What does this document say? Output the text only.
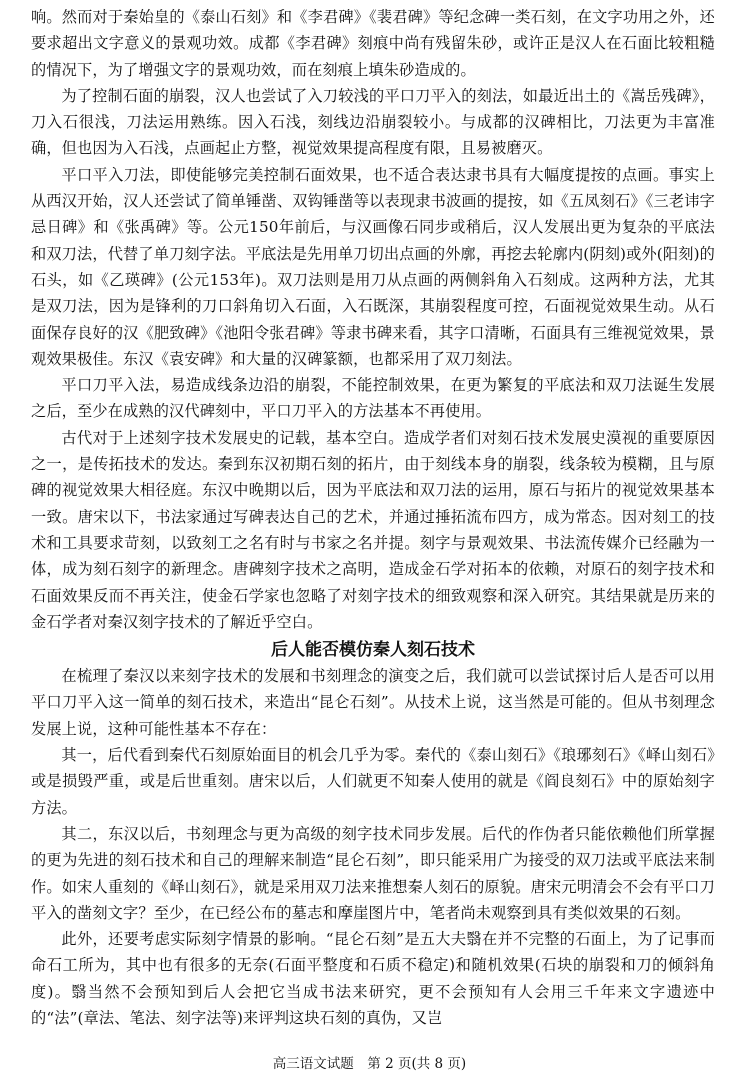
响。然而对于秦始皇的《泰山石刻》和《李君碑》《裴君碑》等纪念碑一类石刻，在文字功用之外，还要求超出文字意义的景观功效。成都《李君碑》刻痕中尚有残留朱砂，或许正是汉人在石面比较粗糙的情况下，为了增强文字的景观功效，而在刻痕上填朱砂造成的。

为了控制石面的崩裂，汉人也尝试了入刀较浅的平口刀平入的刻法，如最近出土的《嵩岳残碑》，刀入石很浅，刀法运用熟练。因入石浅，刻线边沿崩裂较小。与成都的汉碑相比，刀法更为丰富准确，但也因为入石浅，点画起止方整，视觉效果提高程度有限，且易被磨灭。

平口平入刀法，即使能够完美控制石面效果，也不适合表达隶书具有大幅度提按的点画。事实上从西汉开始，汉人还尝试了简单锤凿、双钩锤凿等以表现隶书波画的提按，如《五凤刻石》《三老讳字忌日碑》和《张禹碑》等。公元150年前后，与汉画像石同步或稍后，汉人发展出更为复杂的平底法和双刀法，代替了单刀刻字法。平底法是先用单刀切出点画的外廓，再挖去轮廓内(阴刻)或外(阳刻)的石头，如《乙瑛碑》(公元153年)。双刀法则是用刀从点画的两侧斜角入石刻成。这两种方法，尤其是双刀法，因为是锋利的刀口斜角切入石面，入石既深，其崩裂程度可控，石面视觉效果生动。从石面保存良好的汉《肥致碑》《池阳令张君碑》等隶书碑来看，其字口清晰，石面具有三维视觉效果，景观效果极佳。东汉《袁安碑》和大量的汉碑篆额，也都采用了双刀刻法。

平口刀平入法，易造成线条边沿的崩裂，不能控制效果，在更为繁复的平底法和双刀法诞生发展之后，至少在成熟的汉代碑刻中，平口刀平入的方法基本不再使用。

古代对于上述刻字技术发展史的记载，基本空白。造成学者们对刻石技术发展史漠视的重要原因之一，是传拓技术的发达。秦到东汉初期石刻的拓片，由于刻线本身的崩裂，线条较为模糊，且与原碑的视觉效果大相径庭。东汉中晚期以后，因为平底法和双刀法的运用，原石与拓片的视觉效果基本一致。唐宋以下，书法家通过写碑表达自己的艺术，并通过捶拓流布四方，成为常态。因对刻工的技术和工具要求苛刻，以致刻工之名有时与书家之名并提。刻字与景观效果、书法流传媒介已经融为一体，成为刻石刻字的新理念。唐碑刻字技术之高明，造成金石学对拓本的依赖，对原石的刻字技术和石面效果反而不再关注，使金石学家也忽略了对刻字技术的细致观察和深入研究。其结果就是历来的金石学者对秦汉刻字技术的了解近乎空白。

后人能否模仿秦人刻石技术

在梳理了秦汉以来刻字技术的发展和书刻理念的演变之后，我们就可以尝试探讨后人是否可以用平口刀平入这一简单的刻石技术，来造出“昆仑石刻”。从技术上说，这当然是可能的。但从书刻理念发展上说，这种可能性基本不存在：

其一，后代看到秦代石刻原始面目的机会几乎为零。秦代的《泰山刻石》《琅琊刻石》《峄山刻石》或是损毁严重，或是后世重刻。唐宋以后，人们就更不知秦人使用的就是《阎良刻石》中的原始刻字方法。

其二，东汉以后，书刻理念与更为高级的刻字技术同步发展。后代的作伪者只能依赖他们所掌握的更为先进的刻石技术和自己的理解来制造“昆仑石刻”，即只能采用广为接受的双刀法或平底法来制作。如宋人重刻的《峄山刻石》，就是采用双刀法来推想秦人刻石的原貌。唐宋元明清会不会有平口刀平入的凿刻文字？至少，在已经公布的墓志和摩崖图片中，笔者尚未观察到具有类似效果的石刻。

此外，还要考虑实际刻字情景的影响。“昆仑石刻”是五大夫翳在并不完整的石面上，为了记事而命石工所为，其中也有很多的无奈(石面平整度和石质不稳定)和随机效果(石块的崩裂和刀的倾斜角度)。翳当然不会预知到后人会把它当成书法来研究，更不会预知有人会用三千年来文字遗迹中的“法”(章法、笔法、刻字法等)来评判这块石刻的真伪，又岂

高三语文试题　第 2 页(共 8 页)
